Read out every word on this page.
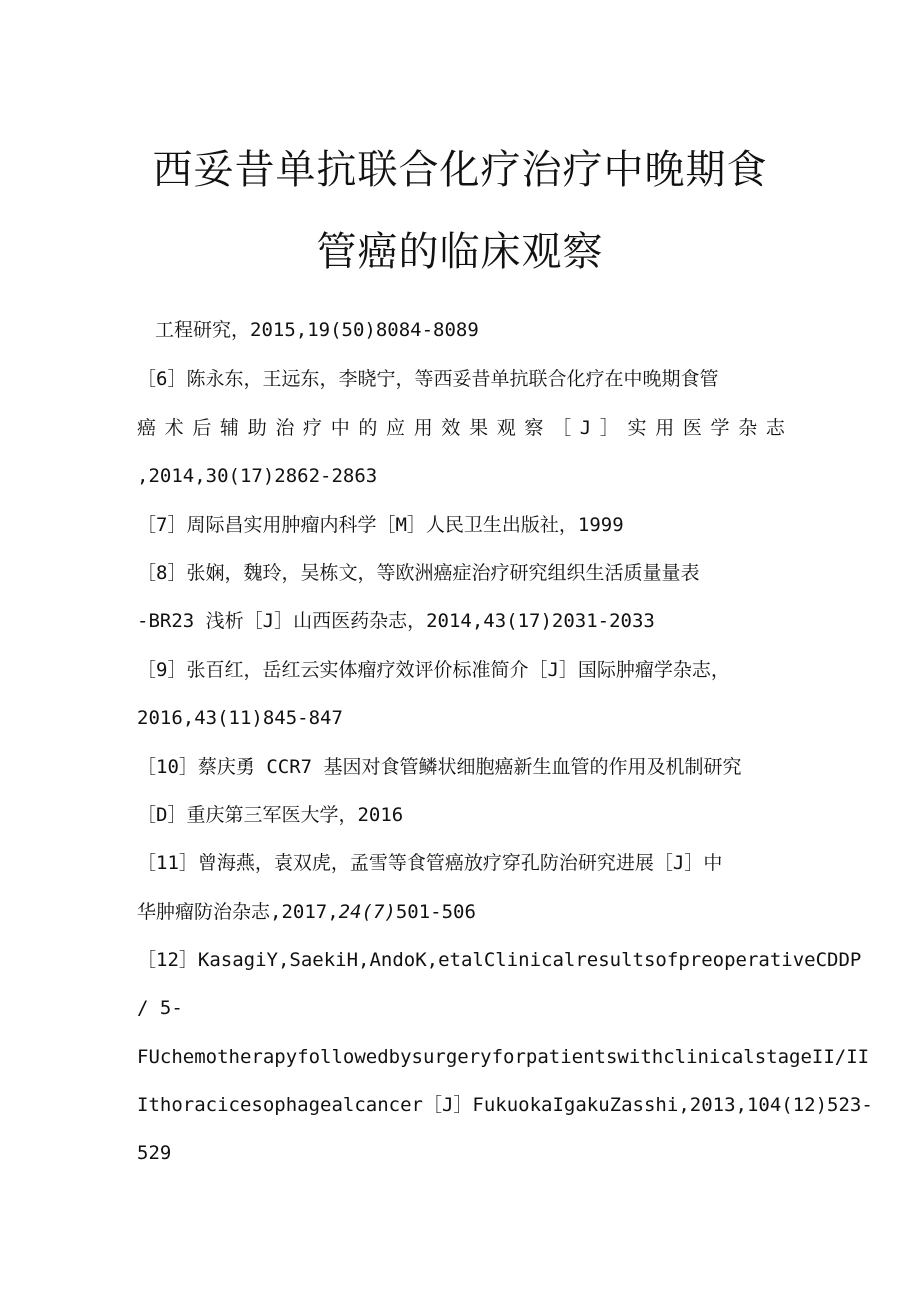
西妥昔单抗联合化疗治疗中晚期食
管癌的临床观察
工程研究，2015,19(50)8084-8089
［6］陈永东，王远东，李晓宁，等西妥昔单抗联合化疗在中晚期食管
癌 术 后 辅 助 治 疗 中 的 应 用 效 果 观 察 ［ J ］ 实 用 医 学 杂 志
,2014,30(17)2862-2863
［7］周际昌实用肿瘤内科学［M］人民卫生出版社，1999
［8］张娴，魏玲，吴栋文，等欧洲癌症治疗研究组织生活质量量表
-BR23 浅析［J］山西医药杂志，2014,43(17)2031-2033
［9］张百红，岳红云实体瘤疗效评价标准简介［J］国际肿瘤学杂志，
2016,43(11)845-847
［10］蔡庆勇 CCR7 基因对食管鳞状细胞癌新生血管的作用及机制研究
［D］重庆第三军医大学，2016
［11］曾海燕，袁双虎，孟雪等食管癌放疗穿孔防治研究进展［J］中
华肿瘤防治杂志,2017,24(7)501-506
［12］KasagiY,SaekiH,AndoK,etalClinicalresultsofpreoperativeCDDP
/ 5-
FUchemotherapyfollowedbysurgeryforpatientswithclinicalstageII/II
Ithoracicesophagealcancer［J］FukuokaIgakuZasshi,2013,104(12)523-
529
